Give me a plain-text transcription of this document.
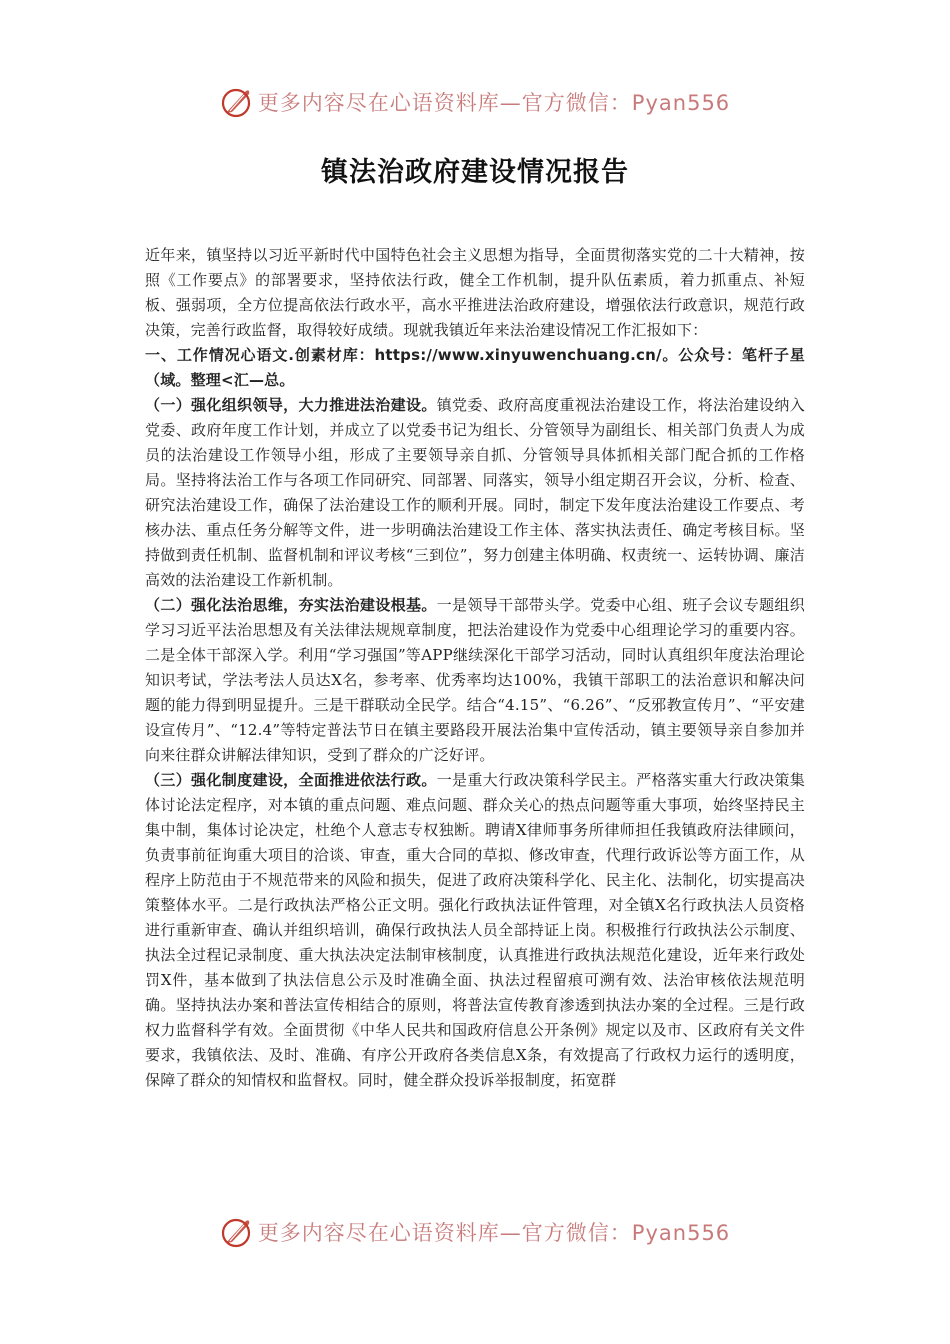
更多内容尽在心语资料库—官方微信：Pyan556
镇法治政府建设情况报告

近年来，镇坚持以习近平新时代中国特色社会主义思想为指导，全面贯彻落实党的二十大精神，按照《工作要点》的部署要求，坚持依法行政，健全工作机制，提升队伍素质，着力抓重点、补短板、强弱项，全方位提高依法行政水平，高水平推进法治政府建设，增强依法行政意识，规范行政决策，完善行政监督，取得较好成绩。现就我镇近年来法治建设情况工作汇报如下：

一、工作情况心语文.创素材库：https://www.xinyuwenchuang.cn/。公众号：笔杆子星（域。整理<汇—总。

（一）强化组织领导，大力推进法治建设。镇党委、政府高度重视法治建设工作，将法治建设纳入党委、政府年度工作计划，并成立了以党委书记为组长、分管领导为副组长、相关部门负责人为成员的法治建设工作领导小组，形成了主要领导亲自抓、分管领导具体抓相关部门配合抓的工作格局。坚持将法治工作与各项工作同研究、同部署、同落实，领导小组定期召开会议，分析、检查、研究法治建设工作，确保了法治建设工作的顺利开展。同时，制定下发年度法治建设工作要点、考核办法、重点任务分解等文件，进一步明确法治建设工作主体、落实执法责任、确定考核目标。坚持做到责任机制、监督机制和评议考核“三到位”，努力创建主体明确、权责统一、运转协调、廉洁高效的法治建设工作新机制。

（二）强化法治思维，夯实法治建设根基。一是领导干部带头学。党委中心组、班子会议专题组织学习习近平法治思想及有关法律法规规章制度，把法治建设作为党委中心组理论学习的重要内容。二是全体干部深入学。利用“学习强国”等APP继续深化干部学习活动，同时认真组织年度法治理论知识考试，学法考法人员达X名，参考率、优秀率均达100%，我镇干部职工的法治意识和解决问题的能力得到明显提升。三是干群联动全民学。结合“4.15”、“6.26”、“反邪教宣传月”、“平安建设宣传月”、“12.4”等特定普法节日在镇主要路段开展法治集中宣传活动，镇主要领导亲自参加并向来往群众讲解法律知识，受到了群众的广泛好评。

（三）强化制度建设，全面推进依法行政。一是重大行政决策科学民主。严格落实重大行政决策集体讨论法定程序，对本镇的重点问题、难点问题、群众关心的热点问题等重大事项，始终坚持民主集中制，集体讨论决定，杜绝个人意志专权独断。聘请X律师事务所律师担任我镇政府法律顾问，负责事前征询重大项目的洽谈、审查，重大合同的草拟、修改审查，代理行政诉讼等方面工作，从程序上防范由于不规范带来的风险和损失，促进了政府决策科学化、民主化、法制化，切实提高决策整体水平。二是行政执法严格公正文明。强化行政执法证件管理，对全镇X名行政执法人员资格进行重新审查、确认并组织培训，确保行政执法人员全部持证上岗。积极推行行政执法公示制度、执法全过程记录制度、重大执法决定法制审核制度，认真推进行政执法规范化建设，近年来行政处罚X件，基本做到了执法信息公示及时准确全面、执法过程留痕可溯有效、法治审核依法规范明确。坚持执法办案和普法宣传相结合的原则，将普法宣传教育渗透到执法办案的全过程。三是行政权力监督科学有效。全面贯彻《中华人民共和国政府信息公开条例》规定以及市、区政府有关文件要求，我镇依法、及时、准确、有序公开政府各类信息X条，有效提高了行政权力运行的透明度，保障了群众的知情权和监督权。同时，健全群众投诉举报制度，拓宽群

更多内容尽在心语资料库—官方微信：Pyan556
